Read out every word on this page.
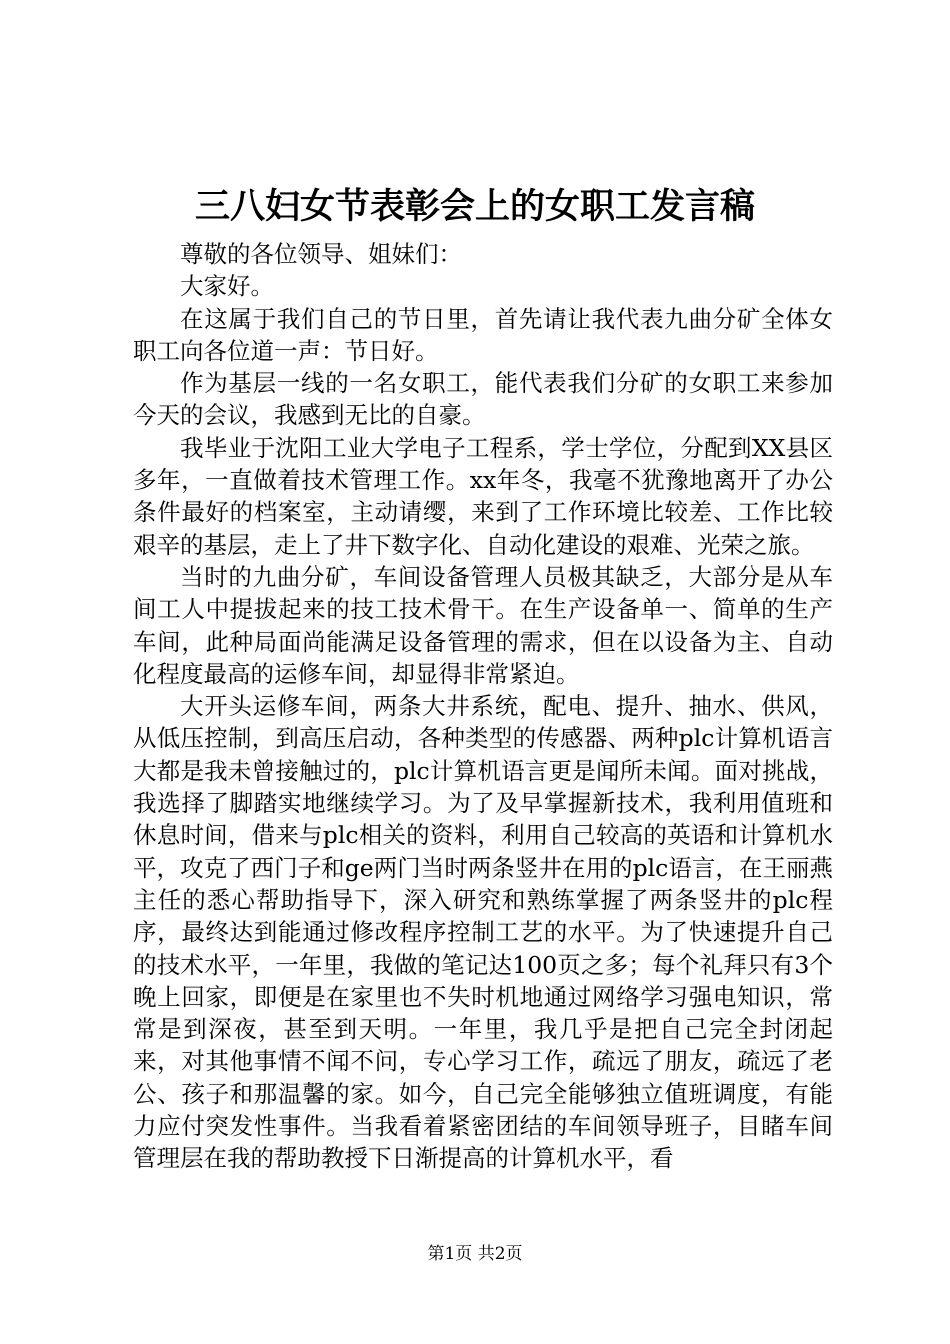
三八妇女节表彰会上的女职工发言稿

尊敬的各位领导、姐妹们：

大家好。

在这属于我们自己的节日里，首先请让我代表九曲分矿全体女职工向各位道一声：节日好。

作为基层一线的一名女职工，能代表我们分矿的女职工来参加今天的会议，我感到无比的自豪。

我毕业于沈阳工业大学电子工程系，学士学位，分配到XX县区多年，一直做着技术管理工作。xx年冬，我毫不犹豫地离开了办公条件最好的档案室，主动请缨，来到了工作环境比较差、工作比较艰辛的基层，走上了井下数字化、自动化建设的艰难、光荣之旅。

当时的九曲分矿，车间设备管理人员极其缺乏，大部分是从车间工人中提拔起来的技工技术骨干。在生产设备单一、简单的生产车间，此种局面尚能满足设备管理的需求，但在以设备为主、自动化程度最高的运修车间，却显得非常紧迫。

大开头运修车间，两条大井系统，配电、提升、抽水、供风，从低压控制，到高压启动，各种类型的传感器、两种plc计算机语言大都是我未曾接触过的，plc计算机语言更是闻所未闻。面对挑战，我选择了脚踏实地继续学习。为了及早掌握新技术，我利用值班和休息时间，借来与plc相关的资料，利用自己较高的英语和计算机水平，攻克了西门子和ge两门当时两条竖井在用的plc语言，在王丽燕主任的悉心帮助指导下，深入研究和熟练掌握了两条竖井的plc程序，最终达到能通过修改程序控制工艺的水平。为了快速提升自己的技术水平，一年里，我做的笔记达100页之多；每个礼拜只有3个晚上回家，即便是在家里也不失时机地通过网络学习强电知识，常常是到深夜，甚至到天明。一年里，我几乎是把自己完全封闭起来，对其他事情不闻不问，专心学习工作，疏远了朋友，疏远了老公、孩子和那温馨的家。如今，自己完全能够独立值班调度，有能力应付突发性事件。当我看着紧密团结的车间领导班子，目睹车间管理层在我的帮助教授下日渐提高的计算机水平，看

第1页 共2页
